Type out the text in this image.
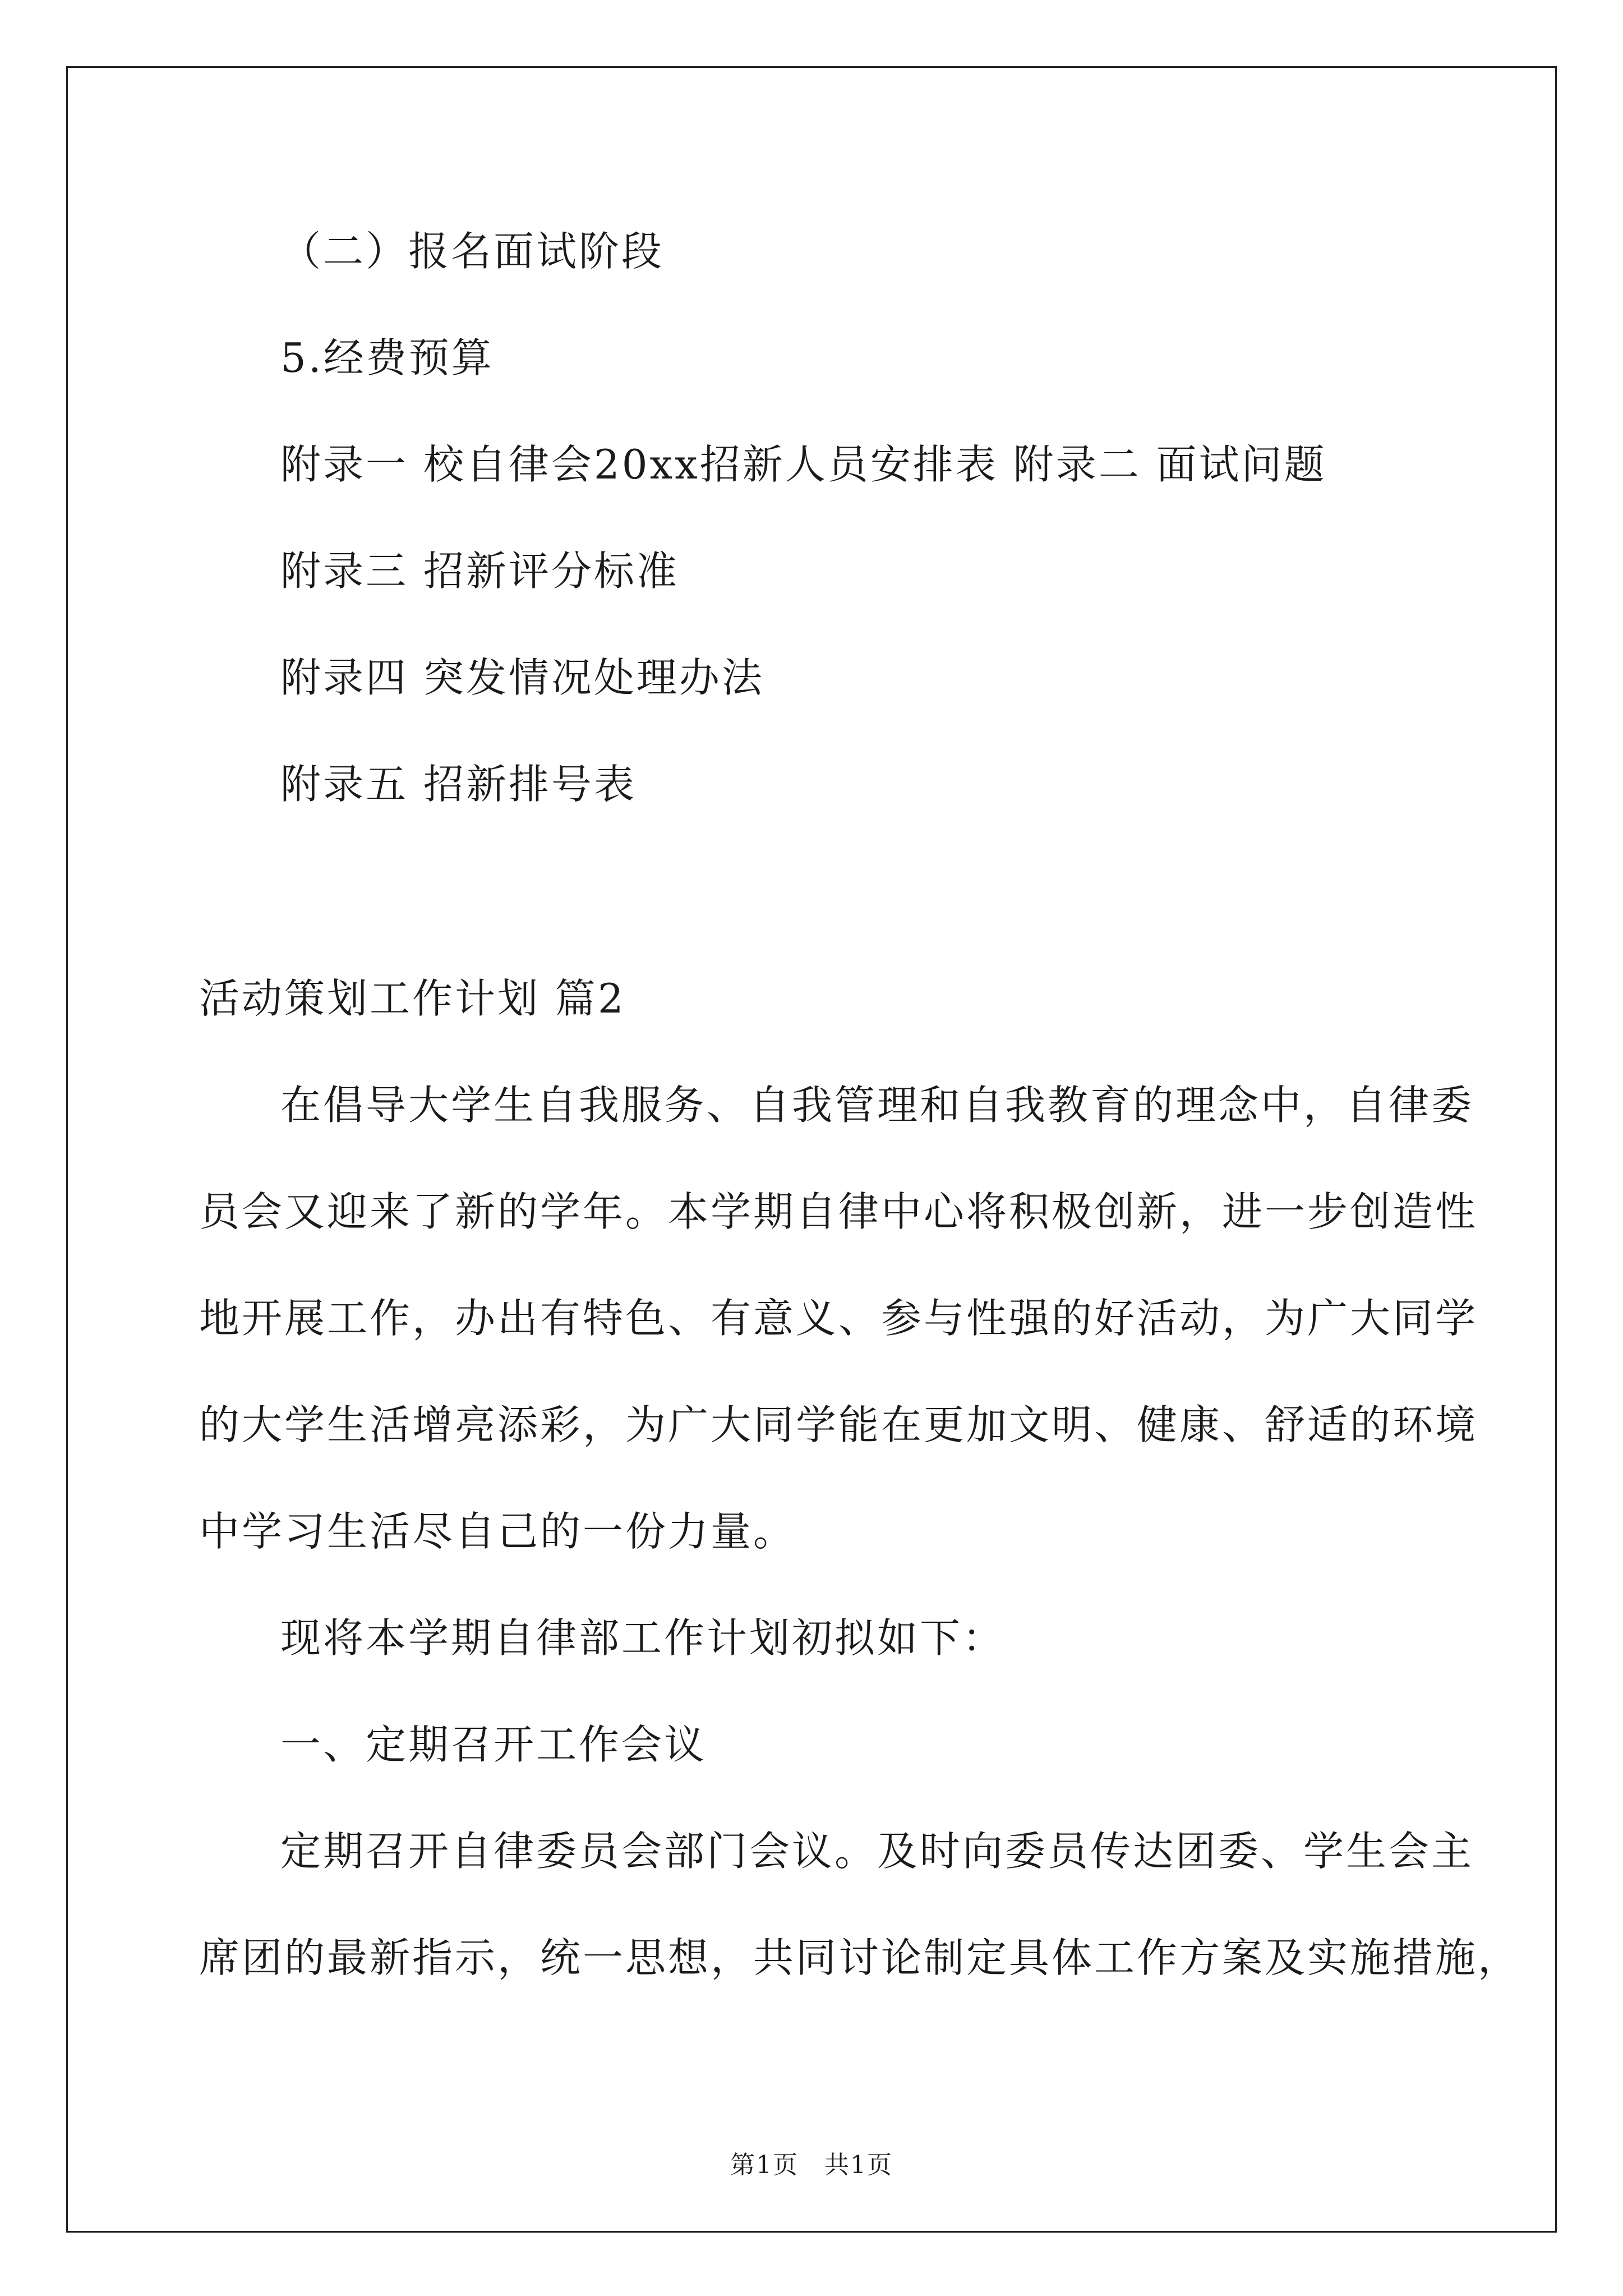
（二）报名面试阶段
5.经费预算
附录一 校自律会20xx招新人员安排表 附录二 面试问题
附录三 招新评分标准
附录四 突发情况处理办法
附录五 招新排号表
活动策划工作计划 篇2
在倡导大学生自我服务、自我管理和自我教育的理念中，自律委
员会又迎来了新的学年。本学期自律中心将积极创新，进一步创造性
地开展工作，办出有特色、有意义、参与性强的好活动，为广大同学
的大学生活增亮添彩，为广大同学能在更加文明、健康、舒适的环境
中学习生活尽自己的一份力量。
现将本学期自律部工作计划初拟如下：
一、定期召开工作会议
定期召开自律委员会部门会议。及时向委员传达团委、学生会主
席团的最新指示，统一思想，共同讨论制定具体工作方案及实施措施，
第1页　共1页
